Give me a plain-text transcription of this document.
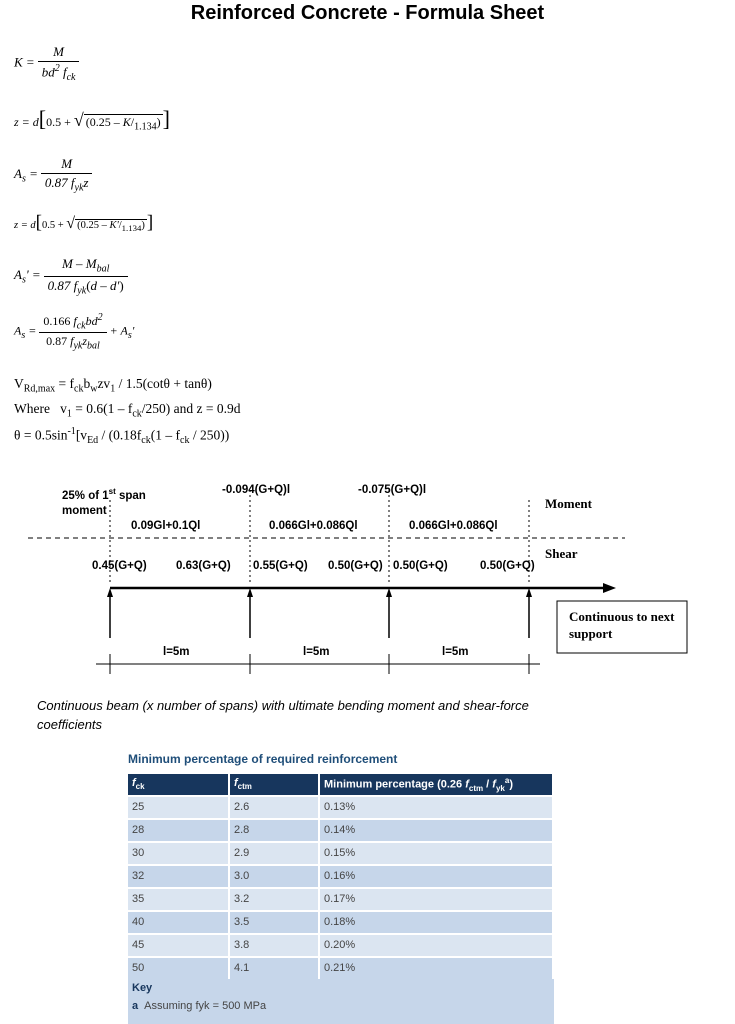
Reinforced Concrete - Formula Sheet
$K = \frac{M}{bd^2 f_{ck}}$
z = d[0.5 + √ $(0.25 - K/_{1.134})$]
$A_s = \frac{M}{0.87 f_{yk}z}$
z = d[0.5 + √ $(0.25 - K'/_{1.134})$ ]
$A_s' = \frac{M - M_{bal}}{0.87 f_{yk}(d - d')}$
$A_s = \frac{0.166 f_{ck}bd^2}{0.87 f_{yk}z_{bal}} + A_s'$
$V_{Rd,max} = f_{ck}b_wzv_1 / 1.5(\cot\theta + \tan\theta)$
Where $v_1 = 0.6(1 - f_{ck}/250)$ and z = 0.9d
$\theta = 0.5\sin^{-1}[v_{Ed} / (0.18f_{ck}(1 - f_{ck} / 250))$
25% of 1st span
moment
-0.094(G+Q)l	-0.075(G+Q)l
Moment
0.09Gl+0.1Ql	0.066Gl+0.086Ql	0.066Gl+0.086Ql
Shear
0.45(G+Q)	0.63(G+Q) 0.55(G+Q) 0.50(G+Q) 0.50(G+Q)	0.50(G+Q)
Continuous to next support
l=5m	l=5m	l=5m
Continuous beam (x number of spans) with ultimate bending moment and shear-force coefficients
Minimum percentage of required reinforcement
$f_{ck}$	$f_{ctm}$	Minimum percentage (0.26 $f_{ctm} / f_{yk}^a$)
25	2.6	0.13%
28	2.8	0.14%
30	2.9	0.15%
32	3.0	0.16%
35	3.2	0.17%
40	3.5	0.18%
45	3.8	0.20%
50	4.1	0.21%
Key
a Assuming fyk = 500 MPa
